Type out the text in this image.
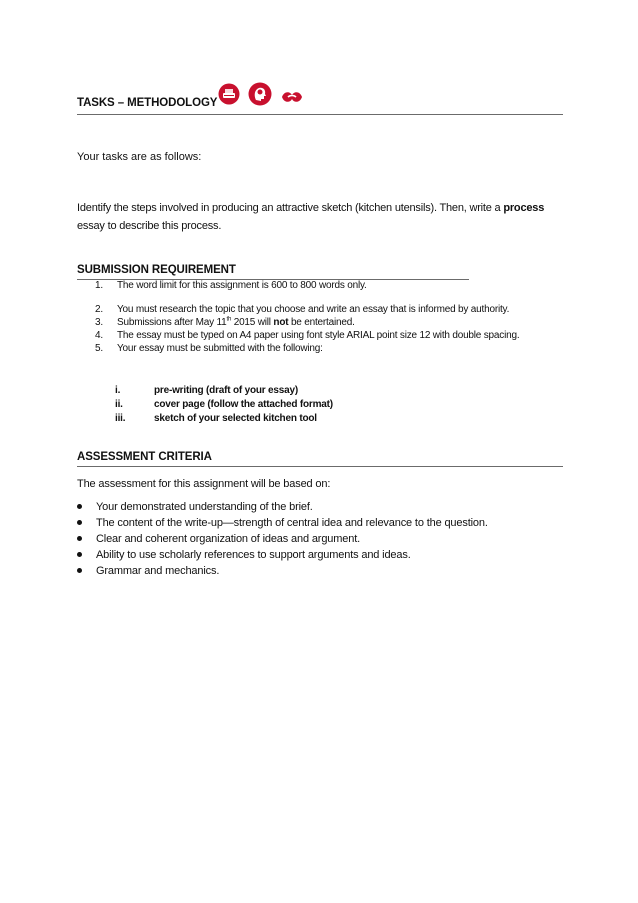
TASKS – METHODOLOGY
Your tasks are as follows:
Identify the steps involved in producing an attractive sketch (kitchen utensils). Then, write a process
essay to describe this process.
SUBMISSION REQUIREMENT
1. The word limit for this assignment is 600 to 800 words only.
2. You must research the topic that you choose and write an essay that is informed by authority.
3. Submissions after May 11th 2015 will not be entertained.
4. The essay must be typed on A4 paper using font style ARIAL point size 12 with double spacing.
5. Your essay must be submitted with the following:
i.	pre-writing (draft of your essay)
ii.	cover page (follow the attached format)
iii.	sketch of your selected kitchen tool
ASSESSMENT CRITERIA
The assessment for this assignment will be based on:
Your demonstrated understanding of the brief.
The content of the write-up—strength of central idea and relevance to the question.
Clear and coherent organization of ideas and argument.
Ability to use scholarly references to support arguments and ideas.
Grammar and mechanics.
